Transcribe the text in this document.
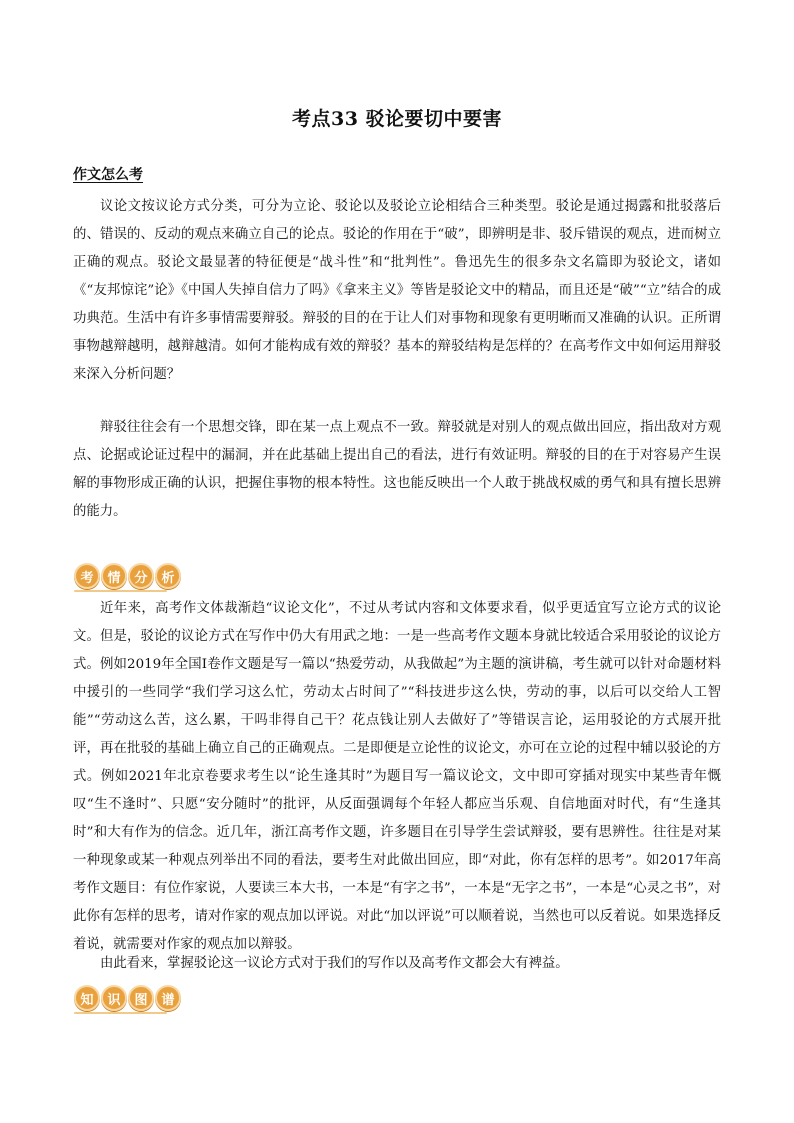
考点33 驳论要切中要害
作文怎么考

议论文按议论方式分类，可分为立论、驳论以及驳论立论相结合三种类型。驳论是通过揭露和批驳落后的、错误的、反动的观点来确立自己的论点。驳论的作用在于“破”，即辨明是非、驳斥错误的观点，进而树立正确的观点。驳论文最显著的特征便是“战斗性”和“批判性”。鲁迅先生的很多杂文名篇即为驳论文，诸如《“友邦惊诧”论》《中国人失掉自信力了吗》《拿来主义》等皆是驳论文中的精品，而且还是“破”“立”结合的成功典范。生活中有许多事情需要辩驳。辩驳的目的在于让人们对事物和现象有更明晰而又准确的认识。正所谓事物越辩越明，越辩越清。如何才能构成有效的辩驳？基本的辩驳结构是怎样的？在高考作文中如何运用辩驳来深入分析问题？

辩驳往往会有一个思想交锋，即在某一点上观点不一致。辩驳就是对别人的观点做出回应，指出敌对方观点、论据或论证过程中的漏洞，并在此基础上提出自己的看法，进行有效证明。辩驳的目的在于对容易产生误解的事物形成正确的认识，把握住事物的根本特性。这也能反映出一个人敢于挑战权威的勇气和具有擅长思辨的能力。

考	情	分	析

近年来，高考作文体裁渐趋“议论文化”，不过从考试内容和文体要求看，似乎更适宜写立论方式的议论文。但是，驳论的议论方式在写作中仍大有用武之地：一是一些高考作文题本身就比较适合采用驳论的议论方式。例如2019年全国Ⅰ卷作文题是写一篇以“热爱劳动，从我做起”为主题的演讲稿，考生就可以针对命题材料中援引的一些同学“我们学习这么忙，劳动太占时间了”“科技进步这么快，劳动的事，以后可以交给人工智能”“劳动这么苦，这么累，干吗非得自己干？花点钱让别人去做好了”等错误言论，运用驳论的方式展开批评，再在批驳的基础上确立自己的正确观点。二是即便是立论性的议论文，亦可在立论的过程中辅以驳论的方式。例如2021年北京卷要求考生以“论生逢其时”为题目写一篇议论文，文中即可穿插对现实中某些青年慨叹“生不逢时”、只愿“安分随时”的批评，从反面强调每个年轻人都应当乐观、自信地面对时代，有“生逢其时”和大有作为的信念。近几年，浙江高考作文题，许多题目在引导学生尝试辩驳，要有思辨性。往往是对某一种现象或某一种观点列举出不同的看法，要考生对此做出回应，即“对此，你有怎样的思考”。如2017年高考作文题目：有位作家说，人要读三本大书，一本是“有字之书”，一本是“无字之书”，一本是“心灵之书”，对此你有怎样的思考，请对作家的观点加以评说。对此“加以评说”可以顺着说，当然也可以反着说。如果选择反着说，就需要对作家的观点加以辩驳。

由此看来，掌握驳论这一议论方式对于我们的写作以及高考作文都会大有裨益。

知	识	图	谱
